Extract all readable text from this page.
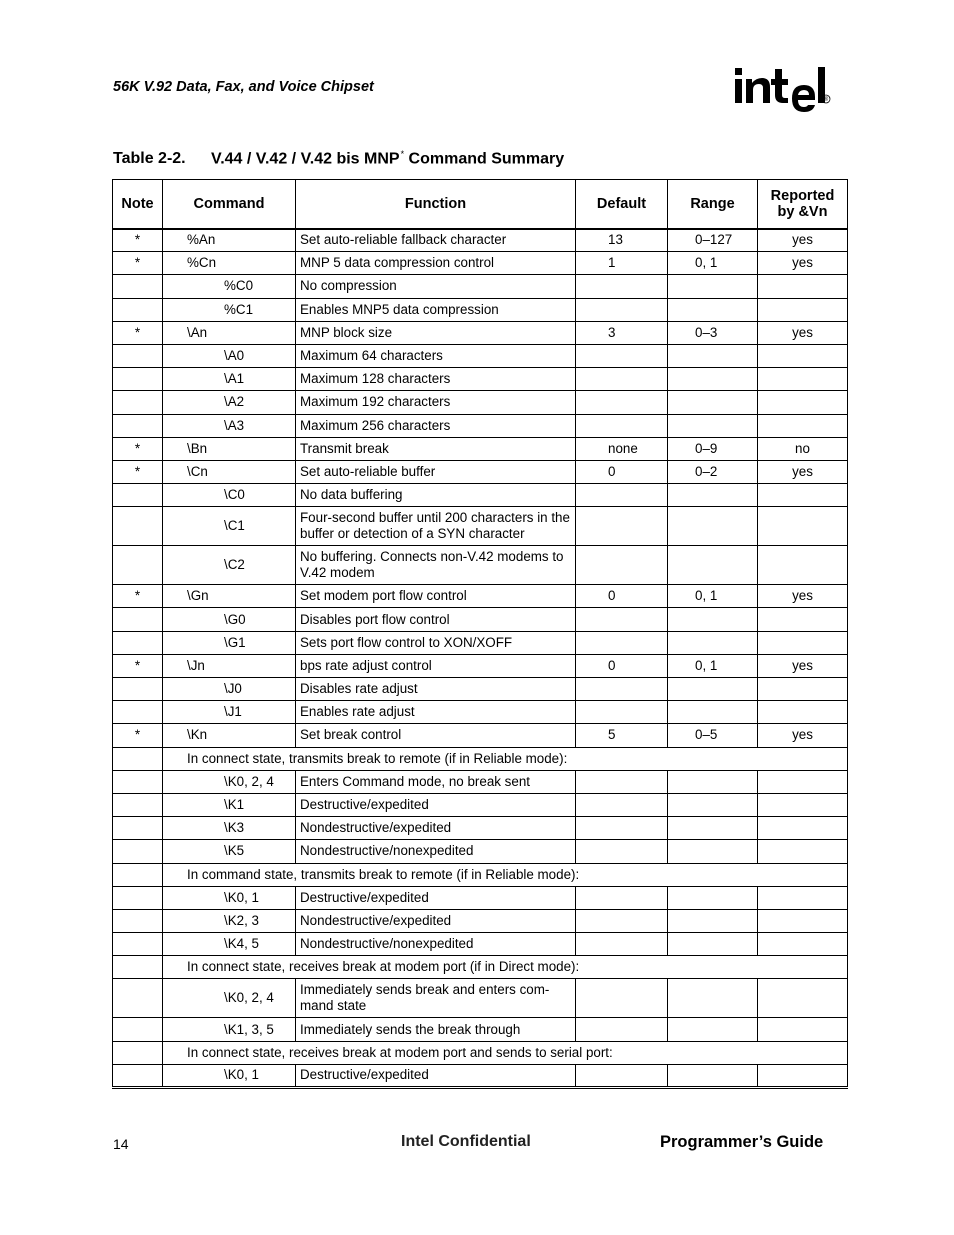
56K V.92 Data, Fax, and Voice Chipset
®
Table 2-2. V.44 / V.42 / V.42 bis MNP* Command Summary
Note	Command	Function	Default	Range	Reported by &Vn
*	%An	Set auto-reliable fallback character	13	0–127	yes
*	%Cn	MNP 5 data compression control	1	0, 1	yes
	%C0	No compression			
	%C1	Enables MNP5 data compression			
*	\An	MNP block size	3	0–3	yes
	\A0	Maximum 64 characters			
	\A1	Maximum 128 characters			
	\A2	Maximum 192 characters			
	\A3	Maximum 256 characters			
*	\Bn	Transmit break	none	0–9	no
*	\Cn	Set auto-reliable buffer	0	0–2	yes
	\C0	No data buffering			
	\C1	Four-second buffer until 200 characters in the buffer or detection of a SYN character			
	\C2	No buffering. Connects non-V.42 modems to V.42 modem			
*	\Gn	Set modem port flow control	0	0, 1	yes
	\G0	Disables port flow control			
	\G1	Sets port flow control to XON/XOFF			
*	\Jn	bps rate adjust control	0	0, 1	yes
	\J0	Disables rate adjust			
	\J1	Enables rate adjust			
*	\Kn	Set break control	5	0–5	yes
	In connect state, transmits break to remote (if in Reliable mode):				
	\K0, 2, 4	Enters Command mode, no break sent			
	\K1	Destructive/expedited			
	\K3	Nondestructive/expedited			
	\K5	Nondestructive/nonexpedited			
	In command state, transmits break to remote (if in Reliable mode):				
	\K0, 1	Destructive/expedited			
	\K2, 3	Nondestructive/expedited			
	\K4, 5	Nondestructive/nonexpedited			
	In connect state, receives break at modem port (if in Direct mode):				
	\K0, 2, 4	Immediately sends break and enters com-mand state			
	\K1, 3, 5	Immediately sends the break through			
	In connect state, receives break at modem port and sends to serial port:				
	\K0, 1	Destructive/expedited			
14	Intel Confidential	Programmer’s Guide
